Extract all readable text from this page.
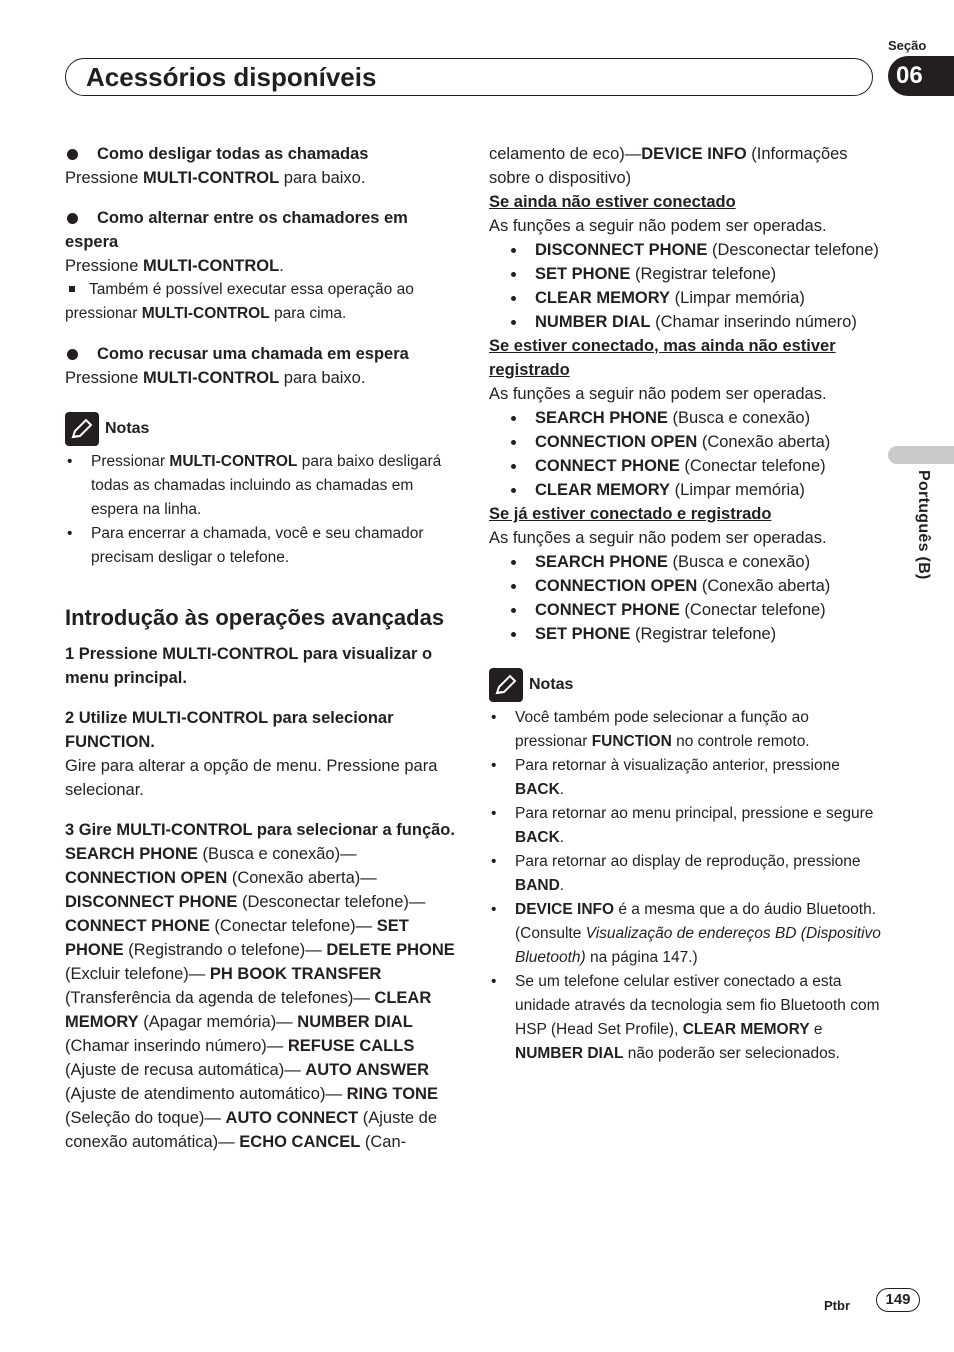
Acessórios disponíveis
Seção
06
Português (B)

Como desligar todas as chamadas

Pressione MULTI-CONTROL para baixo.

Como alternar entre os chamadores em espera

Pressione MULTI-CONTROL.

Também é possível executar essa operação ao pressionar MULTI-CONTROL para cima.

Como recusar uma chamada em espera

Pressione MULTI-CONTROL para baixo.

Notas
• Pressionar MULTI-CONTROL para baixo desligará todas as chamadas incluindo as chamadas em espera na linha.
• Para encerrar a chamada, você e seu chamador precisam desligar o telefone.
Introdução às operações avançadas

1 Pressione MULTI-CONTROL para visualizar o menu principal.

2 Utilize MULTI-CONTROL para selecionar FUNCTION.

Gire para alterar a opção de menu. Pressione para selecionar.

3 Gire MULTI-CONTROL para selecionar a função.

SEARCH PHONE (Busca e conexão)— CONNECTION OPEN (Conexão aberta)— DISCONNECT PHONE (Desconectar telefone)— CONNECT PHONE (Conectar telefone)— SET PHONE (Registrando o telefone)— DELETE PHONE (Excluir telefone)— PH BOOK TRANSFER (Transferência da agenda de telefones)— CLEAR MEMORY (Apagar memória)— NUMBER DIAL (Chamar inserindo número)— REFUSE CALLS (Ajuste de recusa automática)— AUTO ANSWER (Ajuste de atendimento automático)— RING TONE (Seleção do toque)— AUTO CONNECT (Ajuste de conexão automática)— ECHO CANCEL (Can-

celamento de eco)—DEVICE INFO (Informações sobre o dispositivo)

Se ainda não estiver conectado

As funções a seguir não podem ser operadas.

DISCONNECT PHONE (Desconectar telefone)
SET PHONE (Registrar telefone)
CLEAR MEMORY (Limpar memória)
NUMBER DIAL (Chamar inserindo número)

Se estiver conectado, mas ainda não estiver registrado

As funções a seguir não podem ser operadas.

SEARCH PHONE (Busca e conexão)
CONNECTION OPEN (Conexão aberta)
CONNECT PHONE (Conectar telefone)
CLEAR MEMORY (Limpar memória)

Se já estiver conectado e registrado

As funções a seguir não podem ser operadas.

SEARCH PHONE (Busca e conexão)
CONNECTION OPEN (Conexão aberta)
CONNECT PHONE (Conectar telefone)
SET PHONE (Registrar telefone)
Notas
• Você também pode selecionar a função ao pressionar FUNCTION no controle remoto.
• Para retornar à visualização anterior, pressione BACK.
• Para retornar ao menu principal, pressione e segure BACK.
• Para retornar ao display de reprodução, pressione BAND.
• DEVICE INFO é a mesma que a do áudio Bluetooth. (Consulte Visualização de endereços BD (Dispositivo Bluetooth) na página 147.)
• Se um telefone celular estiver conectado a esta unidade através da tecnologia sem fio Bluetooth com HSP (Head Set Profile), CLEAR MEMORY e NUMBER DIAL não poderão ser selecionados.
Ptbr	149
